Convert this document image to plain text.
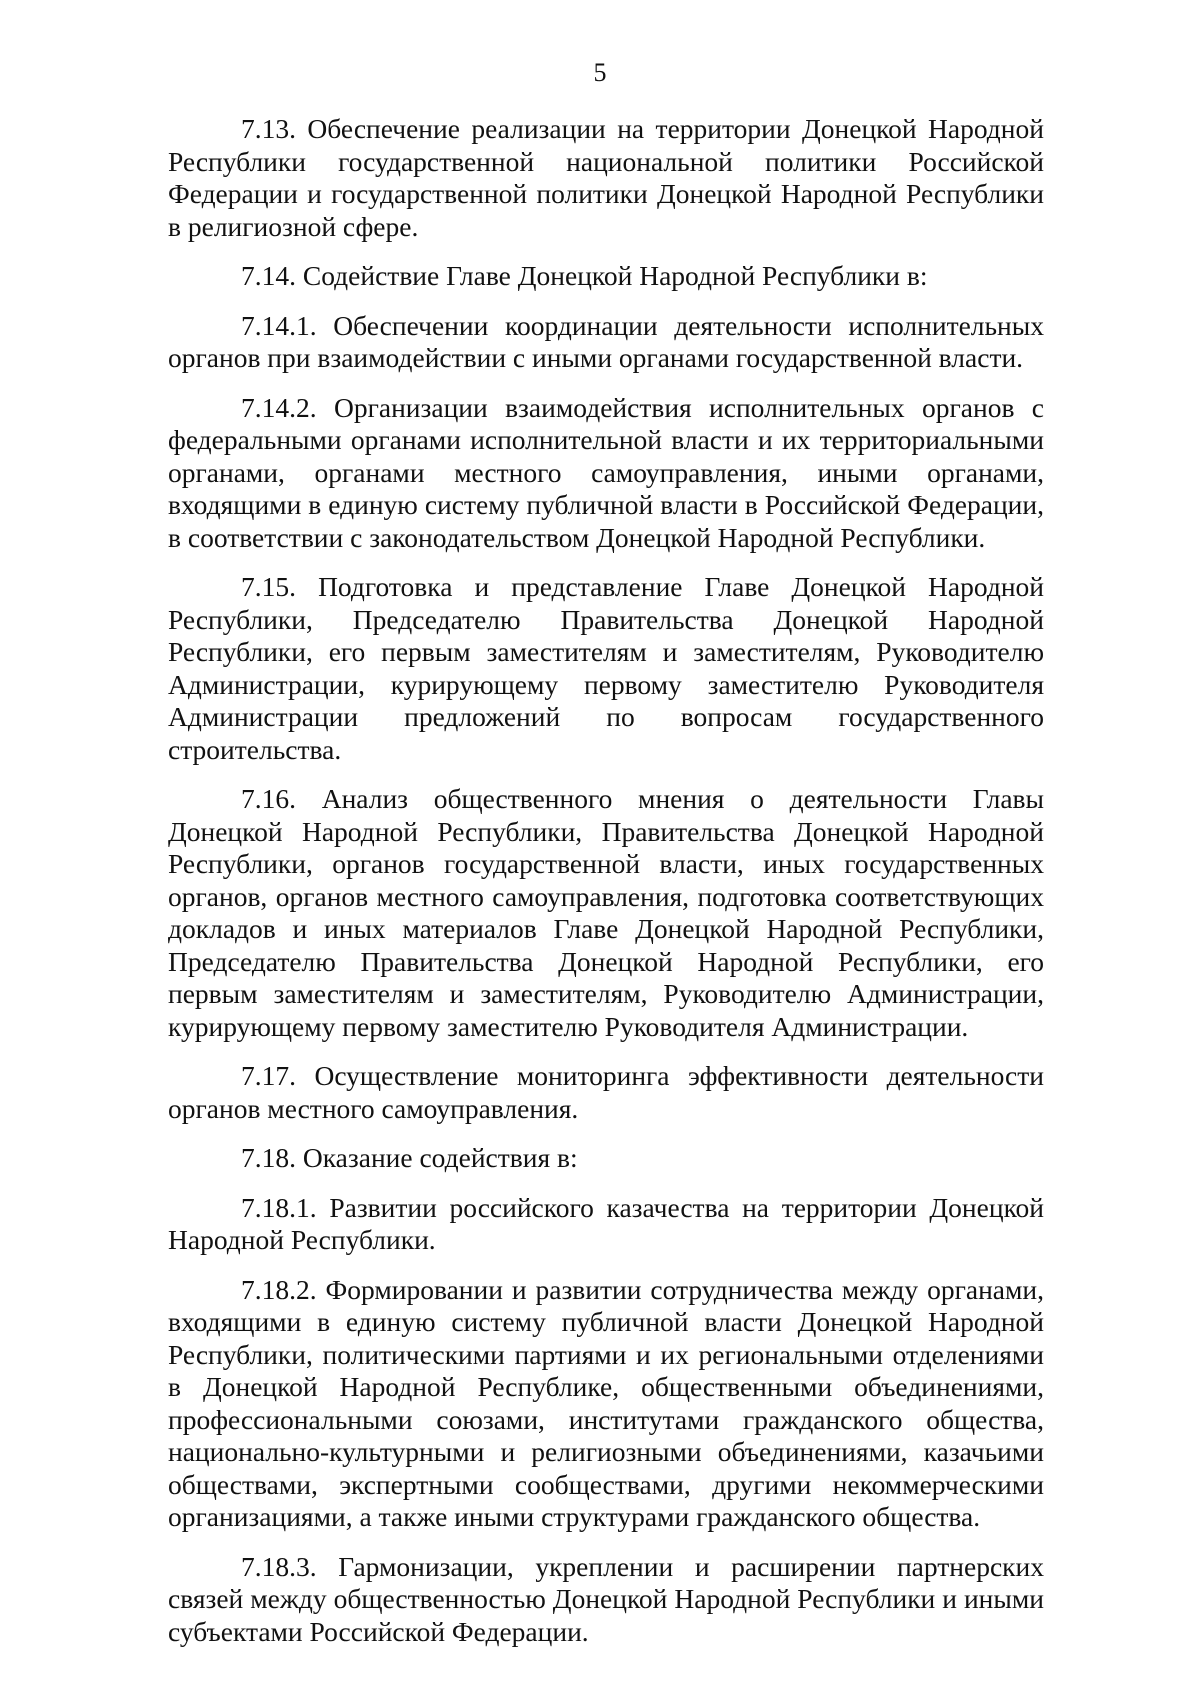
5

7.13. Обеспечение реализации на территории Донецкой Народной Республики государственной национальной политики Российской Федерации и государственной политики Донецкой Народной Республики в религиозной сфере.

7.14. Содействие Главе Донецкой Народной Республики в:

7.14.1. Обеспечении координации деятельности исполнительных органов при взаимодействии с иными органами государственной власти.

7.14.2. Организации взаимодействия исполнительных органов с федеральными органами исполнительной власти и их территориальными органами, органами местного самоуправления, иными органами, входящими в единую систему публичной власти в Российской Федерации, в соответствии с законодательством Донецкой Народной Республики.

7.15. Подготовка и представление Главе Донецкой Народной Республики, Председателю Правительства Донецкой Народной Республики, его первым заместителям и заместителям, Руководителю Администрации, курирующему первому заместителю Руководителя Администрации предложений по вопросам государственного строительства.

7.16. Анализ общественного мнения о деятельности Главы Донецкой Народной Республики, Правительства Донецкой Народной Республики, органов государственной власти, иных государственных органов, органов местного самоуправления, подготовка соответствующих докладов и иных материалов Главе Донецкой Народной Республики, Председателю Правительства Донецкой Народной Республики, его первым заместителям и заместителям, Руководителю Администрации, курирующему первому заместителю Руководителя Администрации.

7.17. Осуществление мониторинга эффективности деятельности органов местного самоуправления.

7.18. Оказание содействия в:

7.18.1. Развитии российского казачества на территории Донецкой Народной Республики.

7.18.2. Формировании и развитии сотрудничества между органами, входящими в единую систему публичной власти Донецкой Народной Республики, политическими партиями и их региональными отделениями в Донецкой Народной Республике, общественными объединениями, профессиональными союзами, институтами гражданского общества, национально-культурными и религиозными объединениями, казачьими обществами, экспертными сообществами, другими некоммерческими организациями, а также иными структурами гражданского общества.

7.18.3. Гармонизации, укреплении и расширении партнерских связей между общественностью Донецкой Народной Республики и иными субъектами Российской Федерации.
